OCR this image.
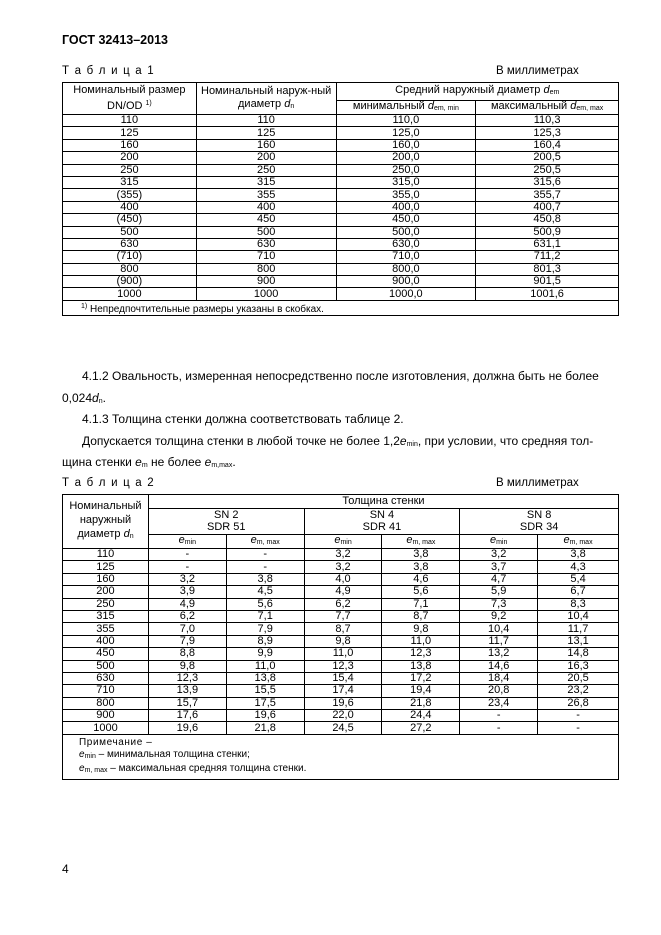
ГОСТ 32413–2013
Т а б л и ц а 1	В миллиметрах
Номинальный размер DN/OD $^{1)}$	Номинальный наруж-ный диаметр dn	Средний наружный диаметр dem	
		минимальный dem, min	максимальный dem, max
110	110	110,0	110,3
125	125	125,0	125,3
160	160	160,0	160,4
200	200	200,0	200,5
250	250	250,0	250,5
315	315	315,0	315,6
(355)	355	355,0	355,7
400	400	400,0	400,7
(450)	450	450,0	450,8
500	500	500,0	500,9
630	630	630,0	631,1
(710)	710	710,0	711,2
800	800	800,0	801,3
(900)	900	900,0	901,5
1000	1000	1000,0	1001,6
$^{1)}$ Непредпочтительные размеры указаны в скобках.			
4.1.2 Овальность, измеренная непосредственно после изготовления, должна быть не более
0,024dn.
4.1.3 Толщина стенки должна соответствовать таблице 2.
Допускается толщина стенки в любой точке не более 1,2emin, при условии, что средняя тол-
щина стенки em не более em,max.
Т а б л и ц а 2	В миллиметрах
Номинальный
наружный
диаметр dn	Толщина стенки					
	SN 2		SN 4		SN 8	
	SDR 51		SDR 41		SDR 34	
	emin	em, max	emin	em, max	emin	em, max
110	-	-	3,2	3,8	3,2	3,8
125	-	-	3,2	3,8	3,7	4,3
160	3,2	3,8	4,0	4,6	4,7	5,4
200	3,9	4,5	4,9	5,6	5,9	6,7
250	4,9	5,6	6,2	7,1	7,3	8,3
315	6,2	7,1	7,7	8,7	9,2	10,4
355	7,0	7,9	8,7	9,8	10,4	11,7
400	7,9	8,9	9,8	11,0	11,7	13,1
450	8,8	9,9	11,0	12,3	13,2	14,8
500	9,8	11,0	12,3	13,8	14,6	16,3
630	12,3	13,8	15,4	17,2	18,4	20,5
710	13,9	15,5	17,4	19,4	20,8	23,2
800	15,7	17,5	19,6	21,8	23,4	26,8
900	17,6	19,6	22,0	24,4	-	-
1000	19,6	21,8	24,5	27,2	-	-
Примечание –
emin – минимальная толщина стенки;
em, max – максимальная средняя толщина стенки.						
4
